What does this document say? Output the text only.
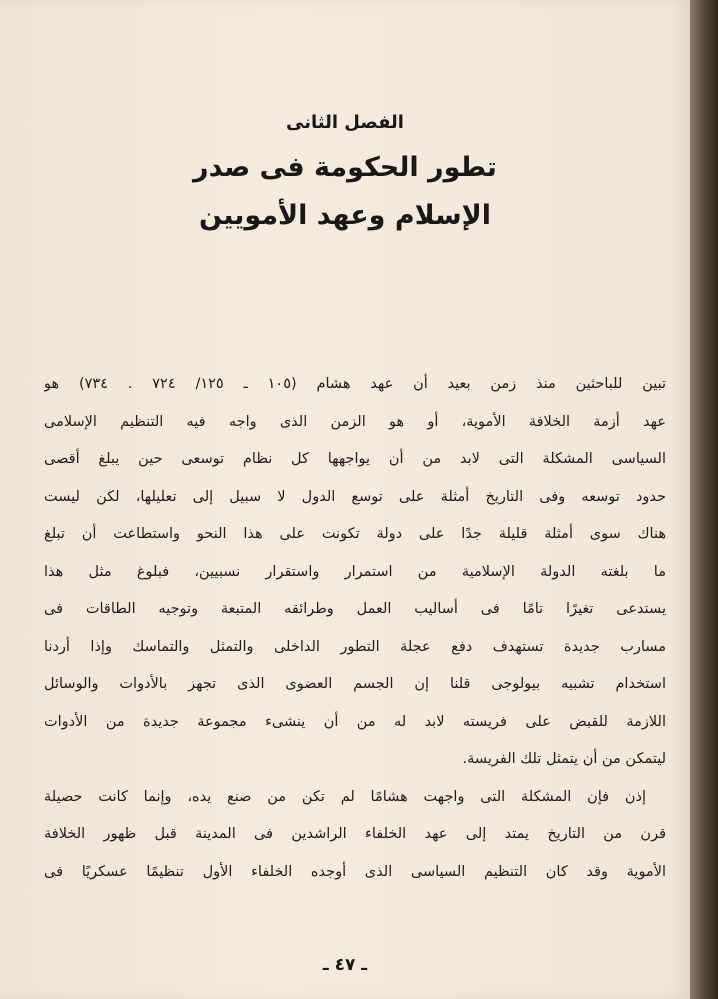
الفصل الثانى
تطور الحكومة فى صدر
الإسلام وعهد الأمويين
تبين للباحثين منذ زمن بعيد أن عهد هشام (١٠٥ ـ ١٢٥/ ٧٢٤ . ٧٣٤) هو
عهد أزمة الخلافة الأموية، أو هو الزمن الذى واجه فيه التنظيم الإسلامى
السياسى المشكلة التى لابد من أن يواجهها كل نظام توسعى حين يبلغ أقصى
حدود توسعه وفى التاريخ أمثلة على توسع الدول لا سبيل إلى تعليلها، لكن ليست
هناك سوى أمثلة قليلة جدًا على دولة تكونت على هذا النحو واستطاعت أن تبلغ
ما بلغته الدولة الإسلامية من استمرار واستقرار نسبيين، فبلوغ مثل هذا
يستدعى تغيرًا تامًا فى أساليب العمل وطرائقه المتبعة وتوجيه الطاقات فى
مسارب جديدة تستهدف دفع عجلة التطور الداخلى والتمثل والتماسك وإذا أردنا
استخدام تشبيه بيولوجى قلنا إن الجسم العضوى الذى تجهز بالأدوات والوسائل
اللازمة للقبض على فريسته لابد له من أن ينشىء مجموعة جديدة من الأدوات
ليتمكن من أن يتمثل تلك الفريسة.
إذن فإن المشكلة التى واجهت هشامًا لم تكن من صنع يده، وإنما كانت حصيلة
قرن من التاريخ يمتد إلى عهد الخلفاء الراشدين فى المدينة قبل ظهور الخلافة
الأموية وقد كان التنظيم السياسى الذى أوجده الخلفاء الأول تنظيمًا عسكريًا فى
ـ ٤٧ ـ
